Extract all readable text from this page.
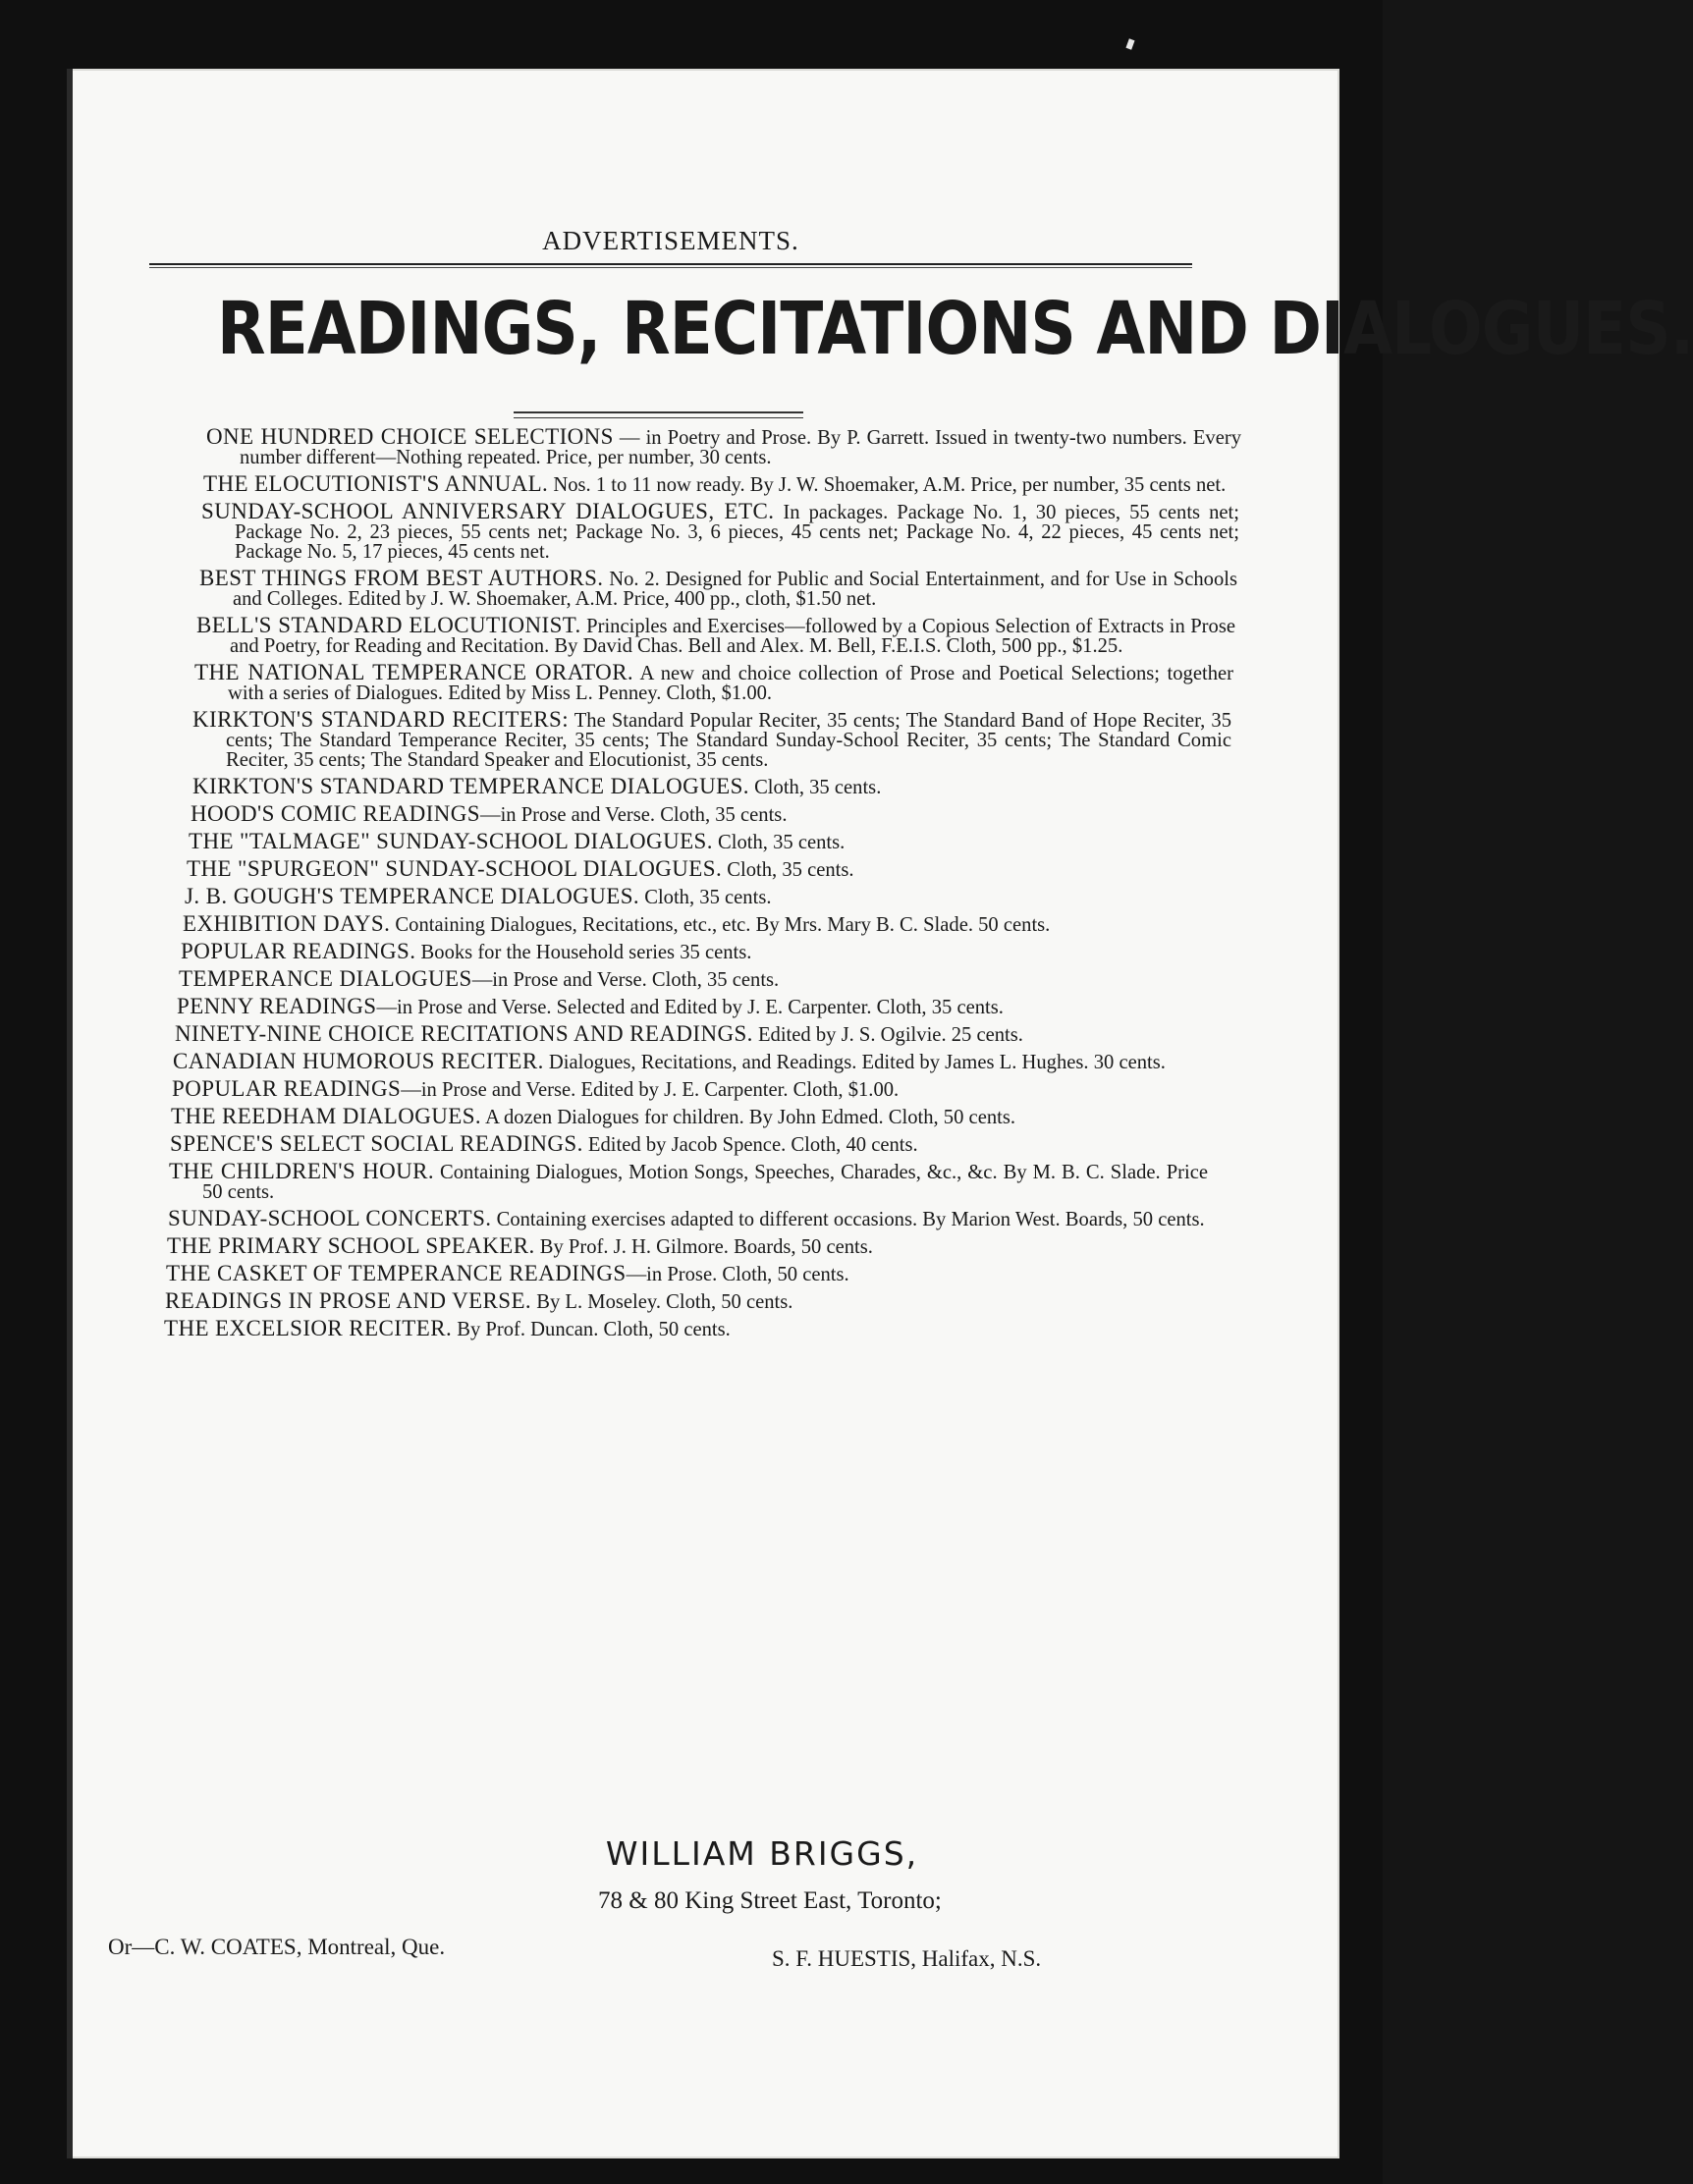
ADVERTISEMENTS.
READINGS, RECITATIONS AND DIALOGUES.
ONE HUNDRED CHOICE SELECTIONS — in Poetry and Prose. By P. Garrett. Issued in twenty-two numbers. Every number different—Nothing repeated. Price, per number, 30 cents.
THE ELOCUTIONIST'S ANNUAL. Nos. 1 to 11 now ready. By J. W. Shoemaker, A.M. Price, per number, 35 cents net.
SUNDAY-SCHOOL ANNIVERSARY DIALOGUES, ETC. In packages. Package No. 1, 30 pieces, 55 cents net; Package No. 2, 23 pieces, 55 cents net; Package No. 3, 6 pieces, 45 cents net; Package No. 4, 22 pieces, 45 cents net; Package No. 5, 17 pieces, 45 cents net.
BEST THINGS FROM BEST AUTHORS. No. 2. Designed for Public and Social Entertainment, and for Use in Schools and Colleges. Edited by J. W. Shoemaker, A.M. Price, 400 pp., cloth, $1.50 net.
BELL'S STANDARD ELOCUTIONIST. Principles and Exercises—followed by a Copious Selection of Extracts in Prose and Poetry, for Reading and Recitation. By David Chas. Bell and Alex. M. Bell, F.E.I.S. Cloth, 500 pp., $1.25.
THE NATIONAL TEMPERANCE ORATOR. A new and choice collection of Prose and Poetical Selections; together with a series of Dialogues. Edited by Miss L. Penney. Cloth, $1.00.
KIRKTON'S STANDARD RECITERS: The Standard Popular Reciter, 35 cents; The Standard Band of Hope Reciter, 35 cents; The Standard Temperance Reciter, 35 cents; The Standard Sunday-School Reciter, 35 cents; The Standard Comic Reciter, 35 cents; The Standard Speaker and Elocutionist, 35 cents.
KIRKTON'S STANDARD TEMPERANCE DIALOGUES. Cloth, 35 cents.
HOOD'S COMIC READINGS—in Prose and Verse. Cloth, 35 cents.
THE "TALMAGE" SUNDAY-SCHOOL DIALOGUES. Cloth, 35 cents.
THE "SPURGEON" SUNDAY-SCHOOL DIALOGUES. Cloth, 35 cents.
J. B. GOUGH'S TEMPERANCE DIALOGUES. Cloth, 35 cents.
EXHIBITION DAYS. Containing Dialogues, Recitations, etc., etc. By Mrs. Mary B. C. Slade. 50 cents.
POPULAR READINGS. Books for the Household series 35 cents.
TEMPERANCE DIALOGUES—in Prose and Verse. Cloth, 35 cents.
PENNY READINGS—in Prose and Verse. Selected and Edited by J. E. Carpenter. Cloth, 35 cents.
NINETY-NINE CHOICE RECITATIONS AND READINGS. Edited by J. S. Ogilvie. 25 cents.
CANADIAN HUMOROUS RECITER. Dialogues, Recitations, and Readings. Edited by James L. Hughes. 30 cents.
POPULAR READINGS—in Prose and Verse. Edited by J. E. Carpenter. Cloth, $1.00.
THE REEDHAM DIALOGUES. A dozen Dialogues for children. By John Edmed. Cloth, 50 cents.
SPENCE'S SELECT SOCIAL READINGS. Edited by Jacob Spence. Cloth, 40 cents.
THE CHILDREN'S HOUR. Containing Dialogues, Motion Songs, Speeches, Charades, &c., &c. By M. B. C. Slade. Price 50 cents.
SUNDAY-SCHOOL CONCERTS. Containing exercises adapted to different occasions. By Marion West. Boards, 50 cents.
THE PRIMARY SCHOOL SPEAKER. By Prof. J. H. Gilmore. Boards, 50 cents.
THE CASKET OF TEMPERANCE READINGS—in Prose. Cloth, 50 cents.
READINGS IN PROSE AND VERSE. By L. Moseley. Cloth, 50 cents.
THE EXCELSIOR RECITER. By Prof. Duncan. Cloth, 50 cents.
WILLIAM BRIGGS,
78 & 80 King Street East, Toronto;
Or—C. W. COATES, Montreal, Que.	S. F. HUESTIS, Halifax, N.S.
